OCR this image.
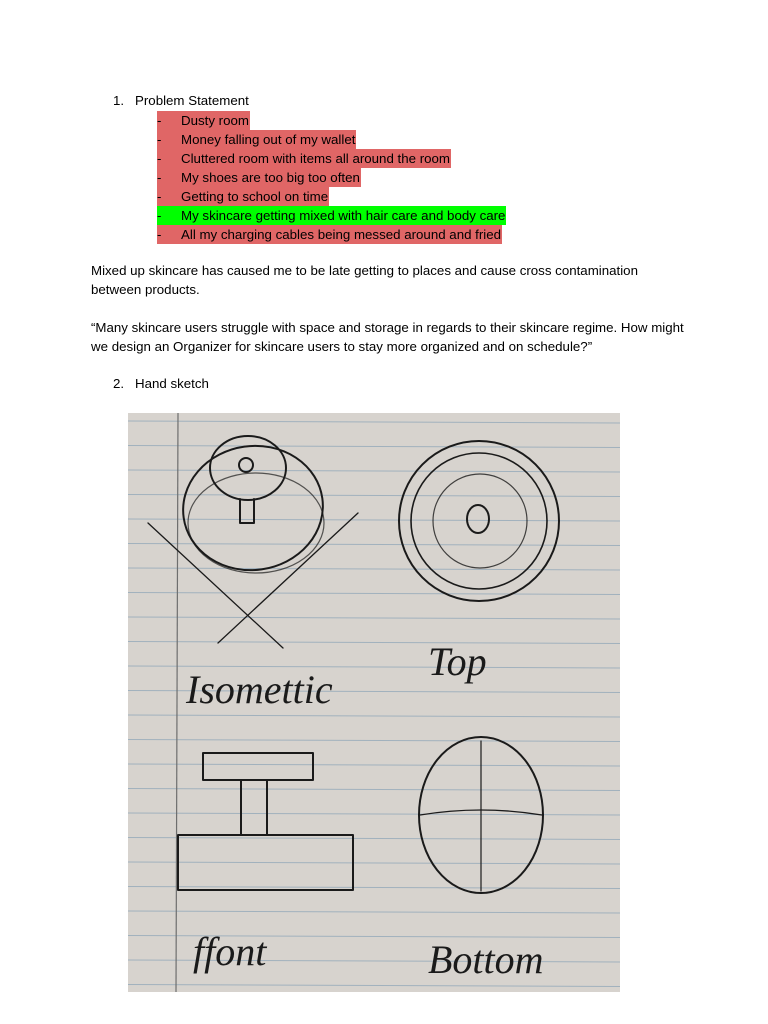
1. Problem Statement
- Dusty room
- Money falling out of my wallet
- Cluttered room with items all around the room
- My shoes are too big too often
- Getting to school on time
- My skincare getting mixed with hair care and body care
- All my charging cables being messed around and fried
Mixed up skincare has caused me to be late getting to places and cause cross contamination between products.
“Many skincare users struggle with space and storage in regards to their skincare regime. How might we design an Organizer for skincare users to stay more organized and on schedule?”
2. Hand sketch
Isomettic
Top
ffont	Bottom
